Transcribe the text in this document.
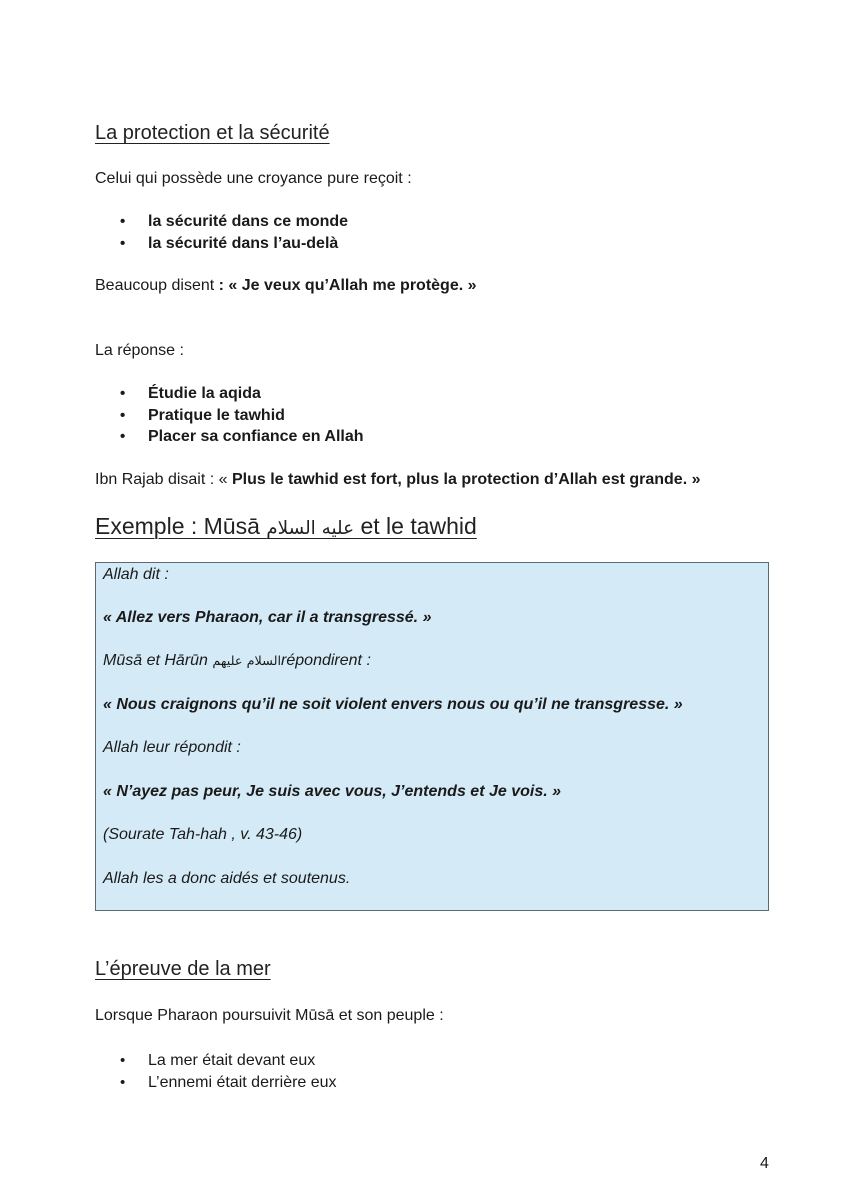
La protection et la sécurité
Celui qui possède une croyance pure reçoit :
• la sécurité dans ce monde
• la sécurité dans l’au-delà
Beaucoup disent : « Je veux qu’Allah me protège. »
La réponse :
• Étudie la aqida
• Pratique le tawhid
• Placer sa confiance en Allah
Ibn Rajab disait : « Plus le tawhid est fort, plus la protection d’Allah est grande. »
Exemple : Mūsā عليه السلام et le tawhid
Allah dit :
« Allez vers Pharaon, car il a transgressé. »
Mūsā et Hārūn السلام عليهمrépondirent :
« Nous craignons qu’il ne soit violent envers nous ou qu’il ne transgresse. »
Allah leur répondit :
« N’ayez pas peur, Je suis avec vous, J’entends et Je vois. »
(Sourate Tah-hah , v. 43-46)
Allah les a donc aidés et soutenus.
L’épreuve de la mer
Lorsque Pharaon poursuivit Mūsā et son peuple :
• La mer était devant eux
• L’ennemi était derrière eux
4
